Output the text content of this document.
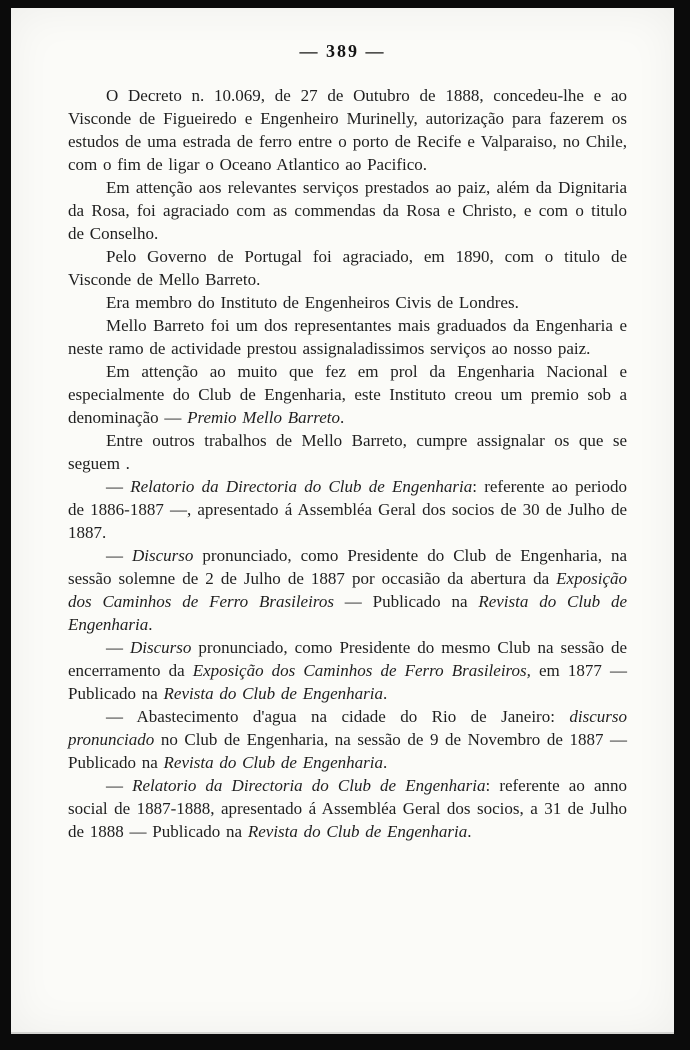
— 389 —

O Decreto n. 10.069, de 27 de Outubro de 1888, concedeu-lhe e ao Visconde de Figueiredo e Engenheiro Murinelly, autorização para fazerem os estudos de uma estrada de ferro entre o porto de Recife e Valparaiso, no Chile, com o fim de ligar o Oceano Atlantico ao Pacifico.

Em attenção aos relevantes serviços prestados ao paiz, além da Dignitaria da Rosa, foi agraciado com as commendas da Rosa e Christo, e com o titulo de Conselho.

Pelo Governo de Portugal foi agraciado, em 1890, com o titulo de Visconde de Mello Barreto.

Era membro do Instituto de Engenheiros Civis de Londres.

Mello Barreto foi um dos representantes mais graduados da Engenharia e neste ramo de actividade prestou assignaladissimos serviços ao nosso paiz.

Em attenção ao muito que fez em prol da Engenharia Nacional e especialmente do Club de Engenharia, este Instituto creou um premio sob a denominação — Premio Mello Barreto.

Entre outros trabalhos de Mello Barreto, cumpre assignalar os que se seguem .

— Relatorio da Directoria do Club de Engenharia: referente ao periodo de 1886-1887 —, apresentado á Assembléa Geral dos socios de 30 de Julho de 1887.

— Discurso pronunciado, como Presidente do Club de Engenharia, na sessão solemne de 2 de Julho de 1887 por occasião da abertura da Exposição dos Caminhos de Ferro Brasileiros — Publicado na Revista do Club de Engenharia.

— Discurso pronunciado, como Presidente do mesmo Club na sessão de encerramento da Exposição dos Caminhos de Ferro Brasileiros, em 1877 — Publicado na Revista do Club de Engenharia.

— Abastecimento d'agua na cidade do Rio de Janeiro: discurso pronunciado no Club de Engenharia, na sessão de 9 de Novembro de 1887 — Publicado na Revista do Club de Engenharia.

— Relatorio da Directoria do Club de Engenharia: referente ao anno social de 1887-1888, apresentado á Assembléa Geral dos socios, a 31 de Julho de 1888 — Publicado na Revista do Club de Engenharia.
